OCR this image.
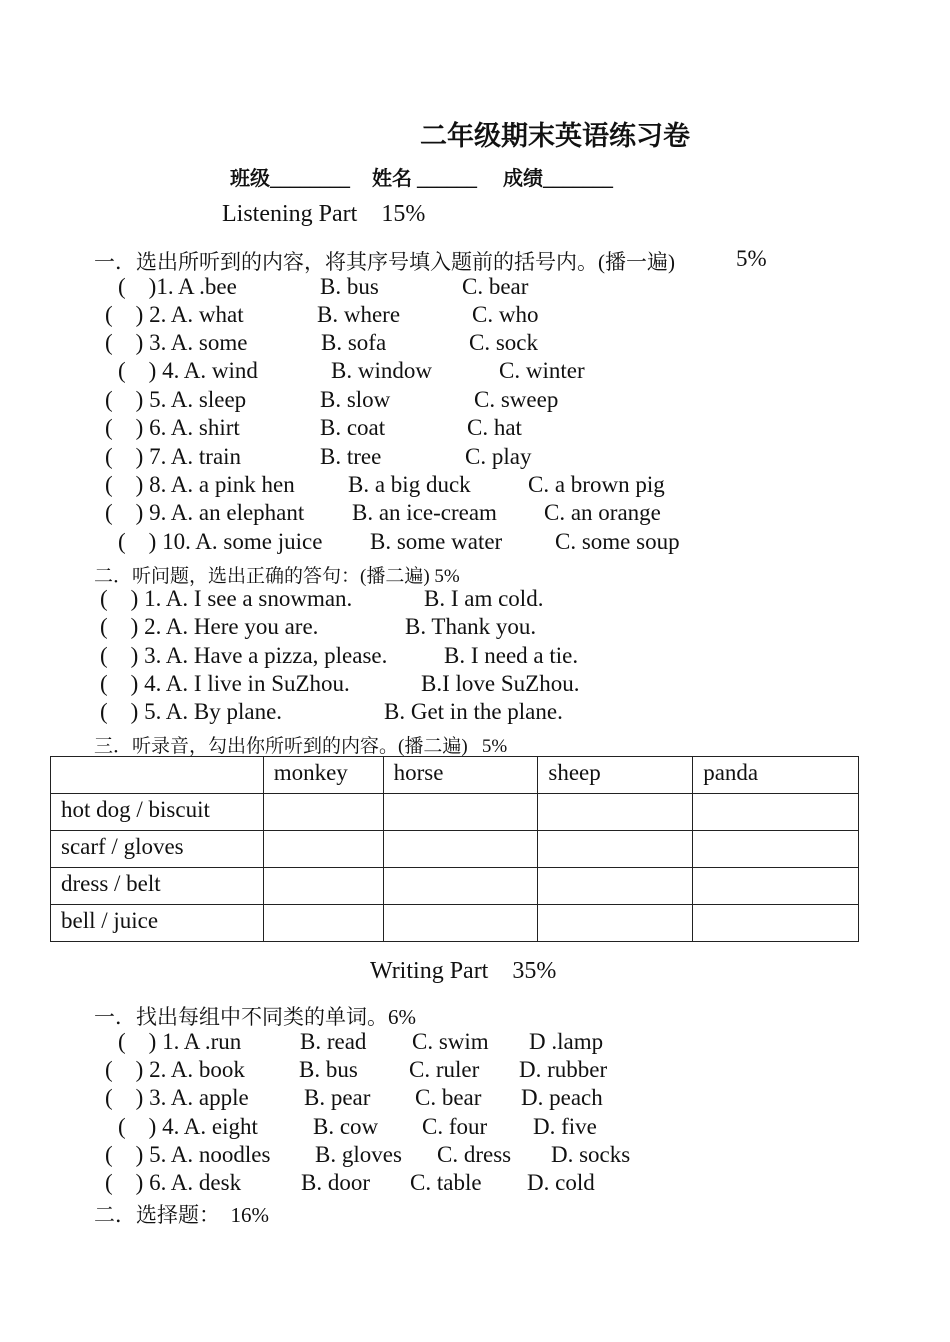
二年级期末英语练习卷
班级________ 姓名 ______ 成绩_______
Listening Part    15%
一．选出所听到的内容，将其序号填入题前的括号内。(播一遍)	5%
(    )1. A .bee	B. bus	C. bear
(    ) 2. A. what	B. where	C. who
(    ) 3. A. some	B. sofa	C. sock
(    ) 4. A. wind	B. window	C. winter
(    ) 5. A. sleep	B. slow	C. sweep
(    ) 6. A. shirt	B. coat	C. hat
(    ) 7. A. train	B. tree	C. play
(    ) 8. A. a pink hen B. a big duck C. a brown pig
(    ) 9. A. an elephant B. an ice-cream C. an orange
(    ) 10. A. some juice B. some water C. some soup
二．听问题，选出正确的答句：(播二遍) 5%
(    ) 1. A. I see a snowman.	B. I am cold.
(    ) 2. A. Here you are.	B. Thank you.
(    ) 3. A. Have a pizza, please. B. I need a tie.
(    ) 4. A. I live in SuZhou.	B.I love SuZhou.
(    ) 5. A. By plane.	B. Get in the plane.
三．听录音，勾出你所听到的内容。(播二遍)   5%
	monkey	horse	sheep	panda
hot dog / biscuit				
scarf / gloves				
dress / belt				
bell / juice				
Writing Part    35%
一．找出每组中不同类的单词。6%
(    ) 1. A .run	B. read C. swim D .lamp
(    ) 2. A. book B. bus C. ruler D. rubber
(    ) 3. A. apple B. pear C. bear D. peach
(    ) 4. A. eight B. cow C. four D. five
(    ) 5. A. noodles B. gloves C. dress D. socks
(    ) 6. A. desk	B. door C. table D. cold
二．选择题：  16%
